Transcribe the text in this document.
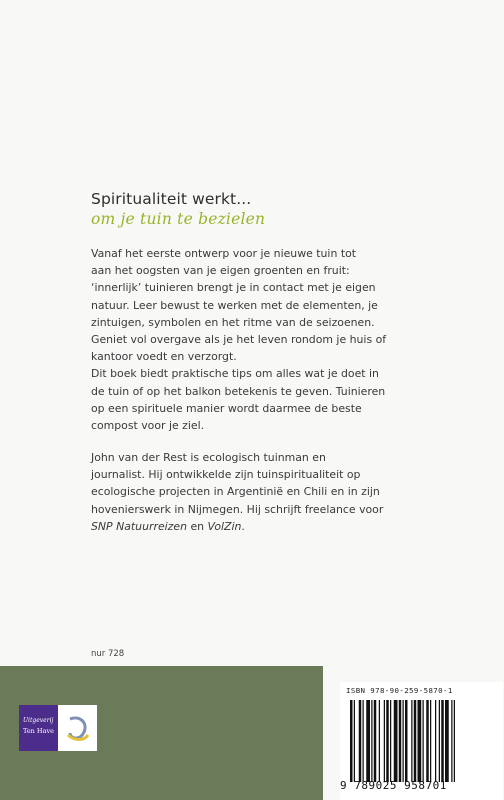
Spiritualiteit werkt...
om je tuin te bezielen
Vanaf het eerste ontwerp voor je nieuwe tuin tot
aan het oogsten van je eigen groenten en fruit:
‘innerlijk’ tuinieren brengt je in contact met je eigen
natuur. Leer bewust te werken met de elementen, je
zintuigen, symbolen en het ritme van de seizoenen.
Geniet vol overgave als je het leven rondom je huis of
kantoor voedt en verzorgt.
Dit boek biedt praktische tips om alles wat je doet in
de tuin of op het balkon betekenis te geven. Tuinieren
op een spirituele manier wordt daarmee de beste
compost voor je ziel.
John van der Rest is ecologisch tuinman en
journalist. Hij ontwikkelde zijn tuinspiritualiteit op
ecologische projecten in Argentinië en Chili en in zijn
hovenierswerk in Nijmegen. Hij schrijft freelance voor
SNP Natuurreizen en VolZin.
nur 728
Uitgeverij
Ten Have
ISBN 978-90-259-5870-1
9 789025 958701
